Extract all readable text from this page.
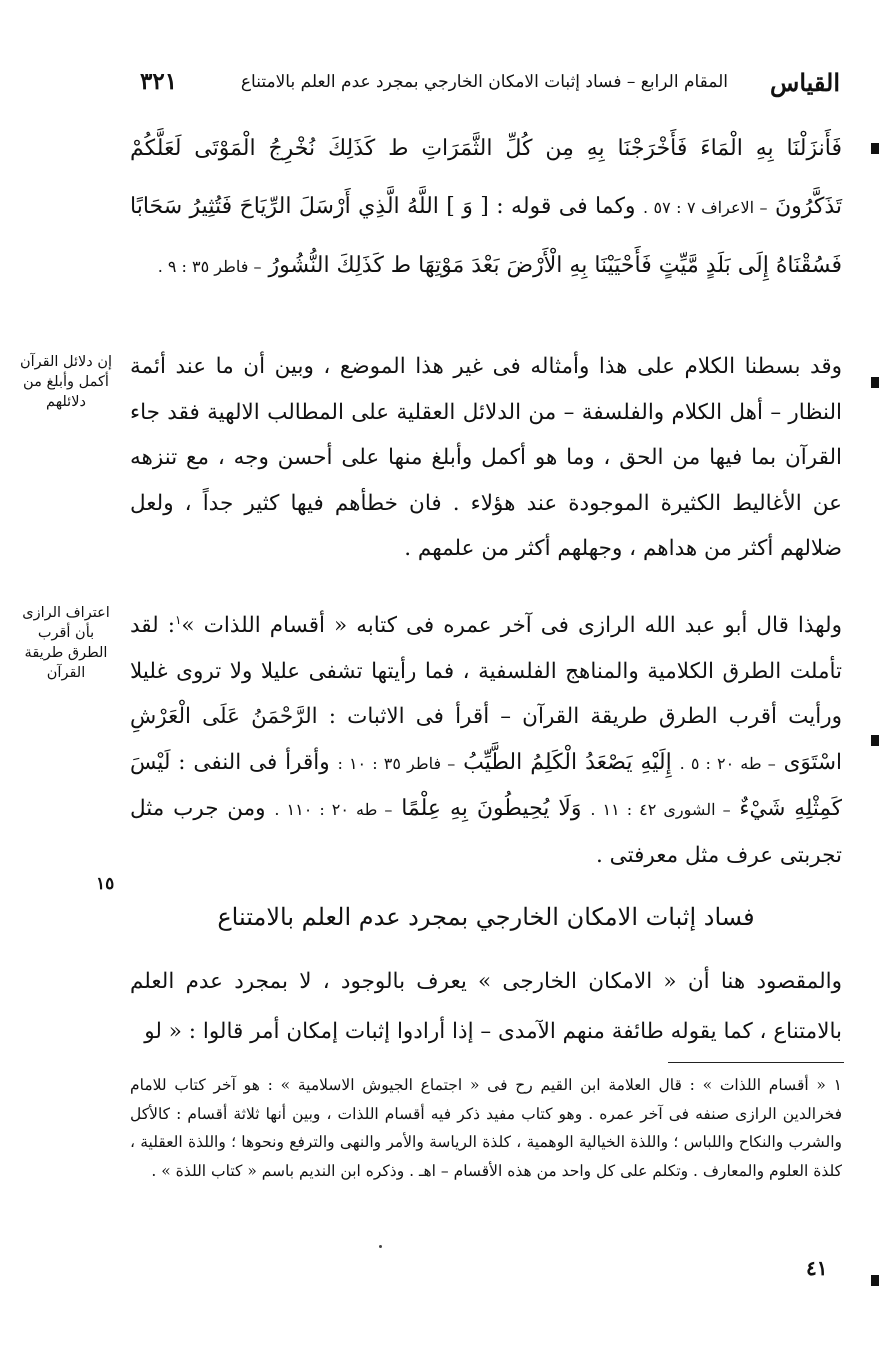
القياس
المقام الرابع – فساد إثبات الامكان الخارجي بمجرد عدم العلم بالامتناع
٣٢١

فَأَنزَلْنَا بِهِ الْمَاءَ فَأَخْرَجْنَا بِهِ مِن كُلِّ الثَّمَرَاتِ ط كَذَلِكَ نُخْرِجُ الْمَوْتَى لَعَلَّكُمْ تَذَكَّرُونَ – الاعراف ٧ : ٥٧ . وكما فى قوله : [ وَ ] اللَّهُ الَّذِي أَرْسَلَ الرِّيَاحَ فَتُثِيرُ سَحَابًا فَسُقْنَاهُ إِلَى بَلَدٍ مَّيِّتٍ فَأَحْيَيْنَا بِهِ الْأَرْضَ بَعْدَ مَوْتِهَا ط كَذَلِكَ النُّشُورُ – فاطر ٣٥ : ٩ .

وقد بسطنا الكلام على هذا وأمثاله فى غير هذا الموضع ، وبين أن ما عند أئمة النظار – أهل الكلام والفلسفة – من الدلائل العقلية على المطالب الالهية فقد جاء القرآن بما فيها من الحق ، وما هو أكمل وأبلغ منها على أحسن وجه ، مع تنزهه عن الأغاليط الكثيرة الموجودة عند هؤلاء . فان خطأهم فيها كثير جداً ، ولعل ضلالهم أكثر من هداهم ، وجهلهم أكثر من علمهم .

ولهذا قال أبو عبد الله الرازى فى آخر عمره فى كتابه « أقسام اللذات »$^١$: لقد تأملت الطرق الكلامية والمناهج الفلسفية ، فما رأيتها تشفى عليلا ولا تروى غليلا ورأيت أقرب الطرق طريقة القرآن – أقرأ فى الاثبات : الرَّحْمَنُ عَلَى الْعَرْشِ اسْتَوَى – طه ٢٠ : ٥ . إِلَيْهِ يَصْعَدُ الْكَلِمُ الطَّيِّبُ – فاطر ٣٥ : ١٠ : وأقرأ فى النفى : لَيْسَ كَمِثْلِهِ شَيْءٌ – الشورى ٤٢ : ١١ . وَلَا يُحِيطُونَ بِهِ عِلْمًا – طه ٢٠ : ١١٠ . ومن جرب مثل تجربتى عرف مثل معرفتى .

فساد إثبات الامكان الخارجي بمجرد عدم العلم بالامتناع

والمقصود هنا أن « الامكان الخارجى » يعرف بالوجود ، لا بمجرد عدم العلم بالامتناع ، كما يقوله طائفة منهم الآمدى – إذا أرادوا إثبات إمكان أمر قالوا : « لو

إن دلائل القرآن أكمل وأبلغ من دلائلهم
اعتراف الرازى بأن أقرب الطرق طريقة القرآن
١٥
١ « أقسام اللذات » : قال العلامة ابن القيم رح فى « اجتماع الجيوش الاسلامية » : هو آخر كتاب للامام فخرالدين الرازى صنفه فى آخر عمره . وهو كتاب مفيد ذكر فيه أقسام اللذات ، وبين أنها ثلاثة أقسام : كالأكل والشرب والنكاح واللباس ؛ واللذة الخيالية الوهمية ، كلذة الرياسة والأمر والنهى والترفع ونحوها ؛ واللذة العقلية ، كلذة العلوم والمعارف . وتكلم على كل واحد من هذه الأقسام – اهـ . وذكره ابن النديم باسم « كتاب اللذة » .
٤١
